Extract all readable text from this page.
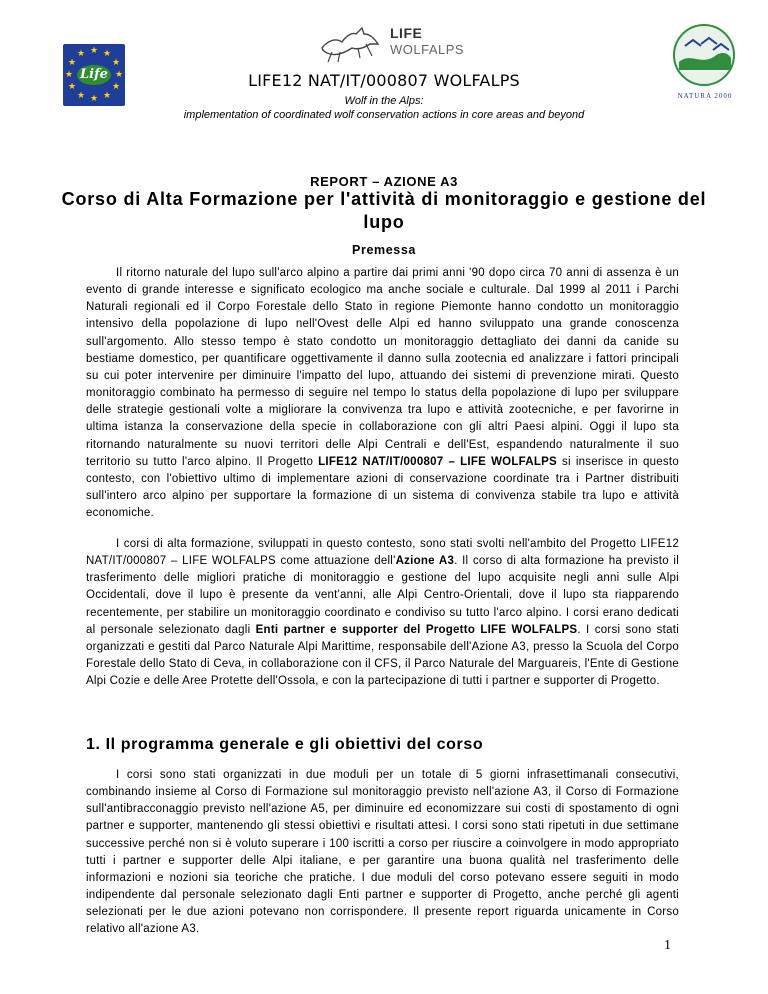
★ ★
★
★
★
★
★
★
★
★
★
★
Life
LIFE
WOLFALPS
NATURA 2000
LIFE12 NAT/IT/000807 WOLFALPS
Wolf in the Alps:
implementation of coordinated wolf conservation actions in core areas and beyond
REPORT – AZIONE A3
Corso di Alta Formazione per l'attività di monitoraggio e gestione del lupo
Premessa

Il ritorno naturale del lupo sull'arco alpino a partire dai primi anni '90 dopo circa 70 anni di assenza è un evento di grande interesse e significato ecologico ma anche sociale e culturale. Dal 1999 al 2011 i Parchi Naturali regionali ed il Corpo Forestale dello Stato in regione Piemonte hanno condotto un monitoraggio intensivo della popolazione di lupo nell'Ovest delle Alpi ed hanno sviluppato una grande conoscenza sull'argomento. Allo stesso tempo è stato condotto un monitoraggio dettagliato dei danni da canide su bestiame domestico, per quantificare oggettivamente il danno sulla zootecnia ed analizzare i fattori principali su cui poter intervenire per diminuire l'impatto del lupo, attuando dei sistemi di prevenzione mirati. Questo monitoraggio combinato ha permesso di seguire nel tempo lo status della popolazione di lupo per sviluppare delle strategie gestionali volte a migliorare la convivenza tra lupo e attività zootecniche, e per favorirne in ultima istanza la conservazione della specie in collaborazione con gli altri Paesi alpini. Oggi il lupo sta ritornando naturalmente su nuovi territori delle Alpi Centrali e dell'Est, espandendo naturalmente il suo territorio su tutto l'arco alpino. Il Progetto LIFE12 NAT/IT/000807 – LIFE WOLFALPS si inserisce in questo contesto, con l'obiettivo ultimo di implementare azioni di conservazione coordinate tra i Partner distribuiti sull'intero arco alpino per supportare la formazione di un sistema di convivenza stabile tra lupo e attività economiche.

I corsi di alta formazione, sviluppati in questo contesto, sono stati svolti nell'ambito del Progetto LIFE12 NAT/IT/000807 – LIFE WOLFALPS come attuazione dell'Azione A3. Il corso di alta formazione ha previsto il trasferimento delle migliori pratiche di monitoraggio e gestione del lupo acquisite negli anni sulle Alpi Occidentali, dove il lupo è presente da vent'anni, alle Alpi Centro-Orientali, dove il lupo sta riapparendo recentemente, per stabilire un monitoraggio coordinato e condiviso su tutto l'arco alpino. I corsi erano dedicati al personale selezionato dagli Enti partner e supporter del Progetto LIFE WOLFALPS. I corsi sono stati organizzati e gestiti dal Parco Naturale Alpi Marittime, responsabile dell'Azione A3, presso la Scuola del Corpo Forestale dello Stato di Ceva, in collaborazione con il CFS, il Parco Naturale del Marguareis, l'Ente di Gestione Alpi Cozie e delle Aree Protette dell'Ossola, e con la partecipazione di tutti i partner e supporter di Progetto.

1. Il programma generale e gli obiettivi del corso

I corsi sono stati organizzati in due moduli per un totale di 5 giorni infrasettimanali consecutivi, combinando insieme al Corso di Formazione sul monitoraggio previsto nell'azione A3, il Corso di Formazione sull'antibracconaggio previsto nell'azione A5, per diminuire ed economizzare sui costi di spostamento di ogni partner e supporter, mantenendo gli stessi obiettivi e risultati attesi. I corsi sono stati ripetuti in due settimane successive perché non si è voluto superare i 100 iscritti a corso per riuscire a coinvolgere in modo appropriato tutti i partner e supporter delle Alpi italiane, e per garantire una buona qualità nel trasferimento delle informazioni e nozioni sia teoriche che pratiche. I due moduli del corso potevano essere seguiti in modo indipendente dal personale selezionato dagli Enti partner e supporter di Progetto, anche perché gli agenti selezionati per le due azioni potevano non corrispondere. Il presente report riguarda unicamente in Corso relativo all'azione A3.

1
